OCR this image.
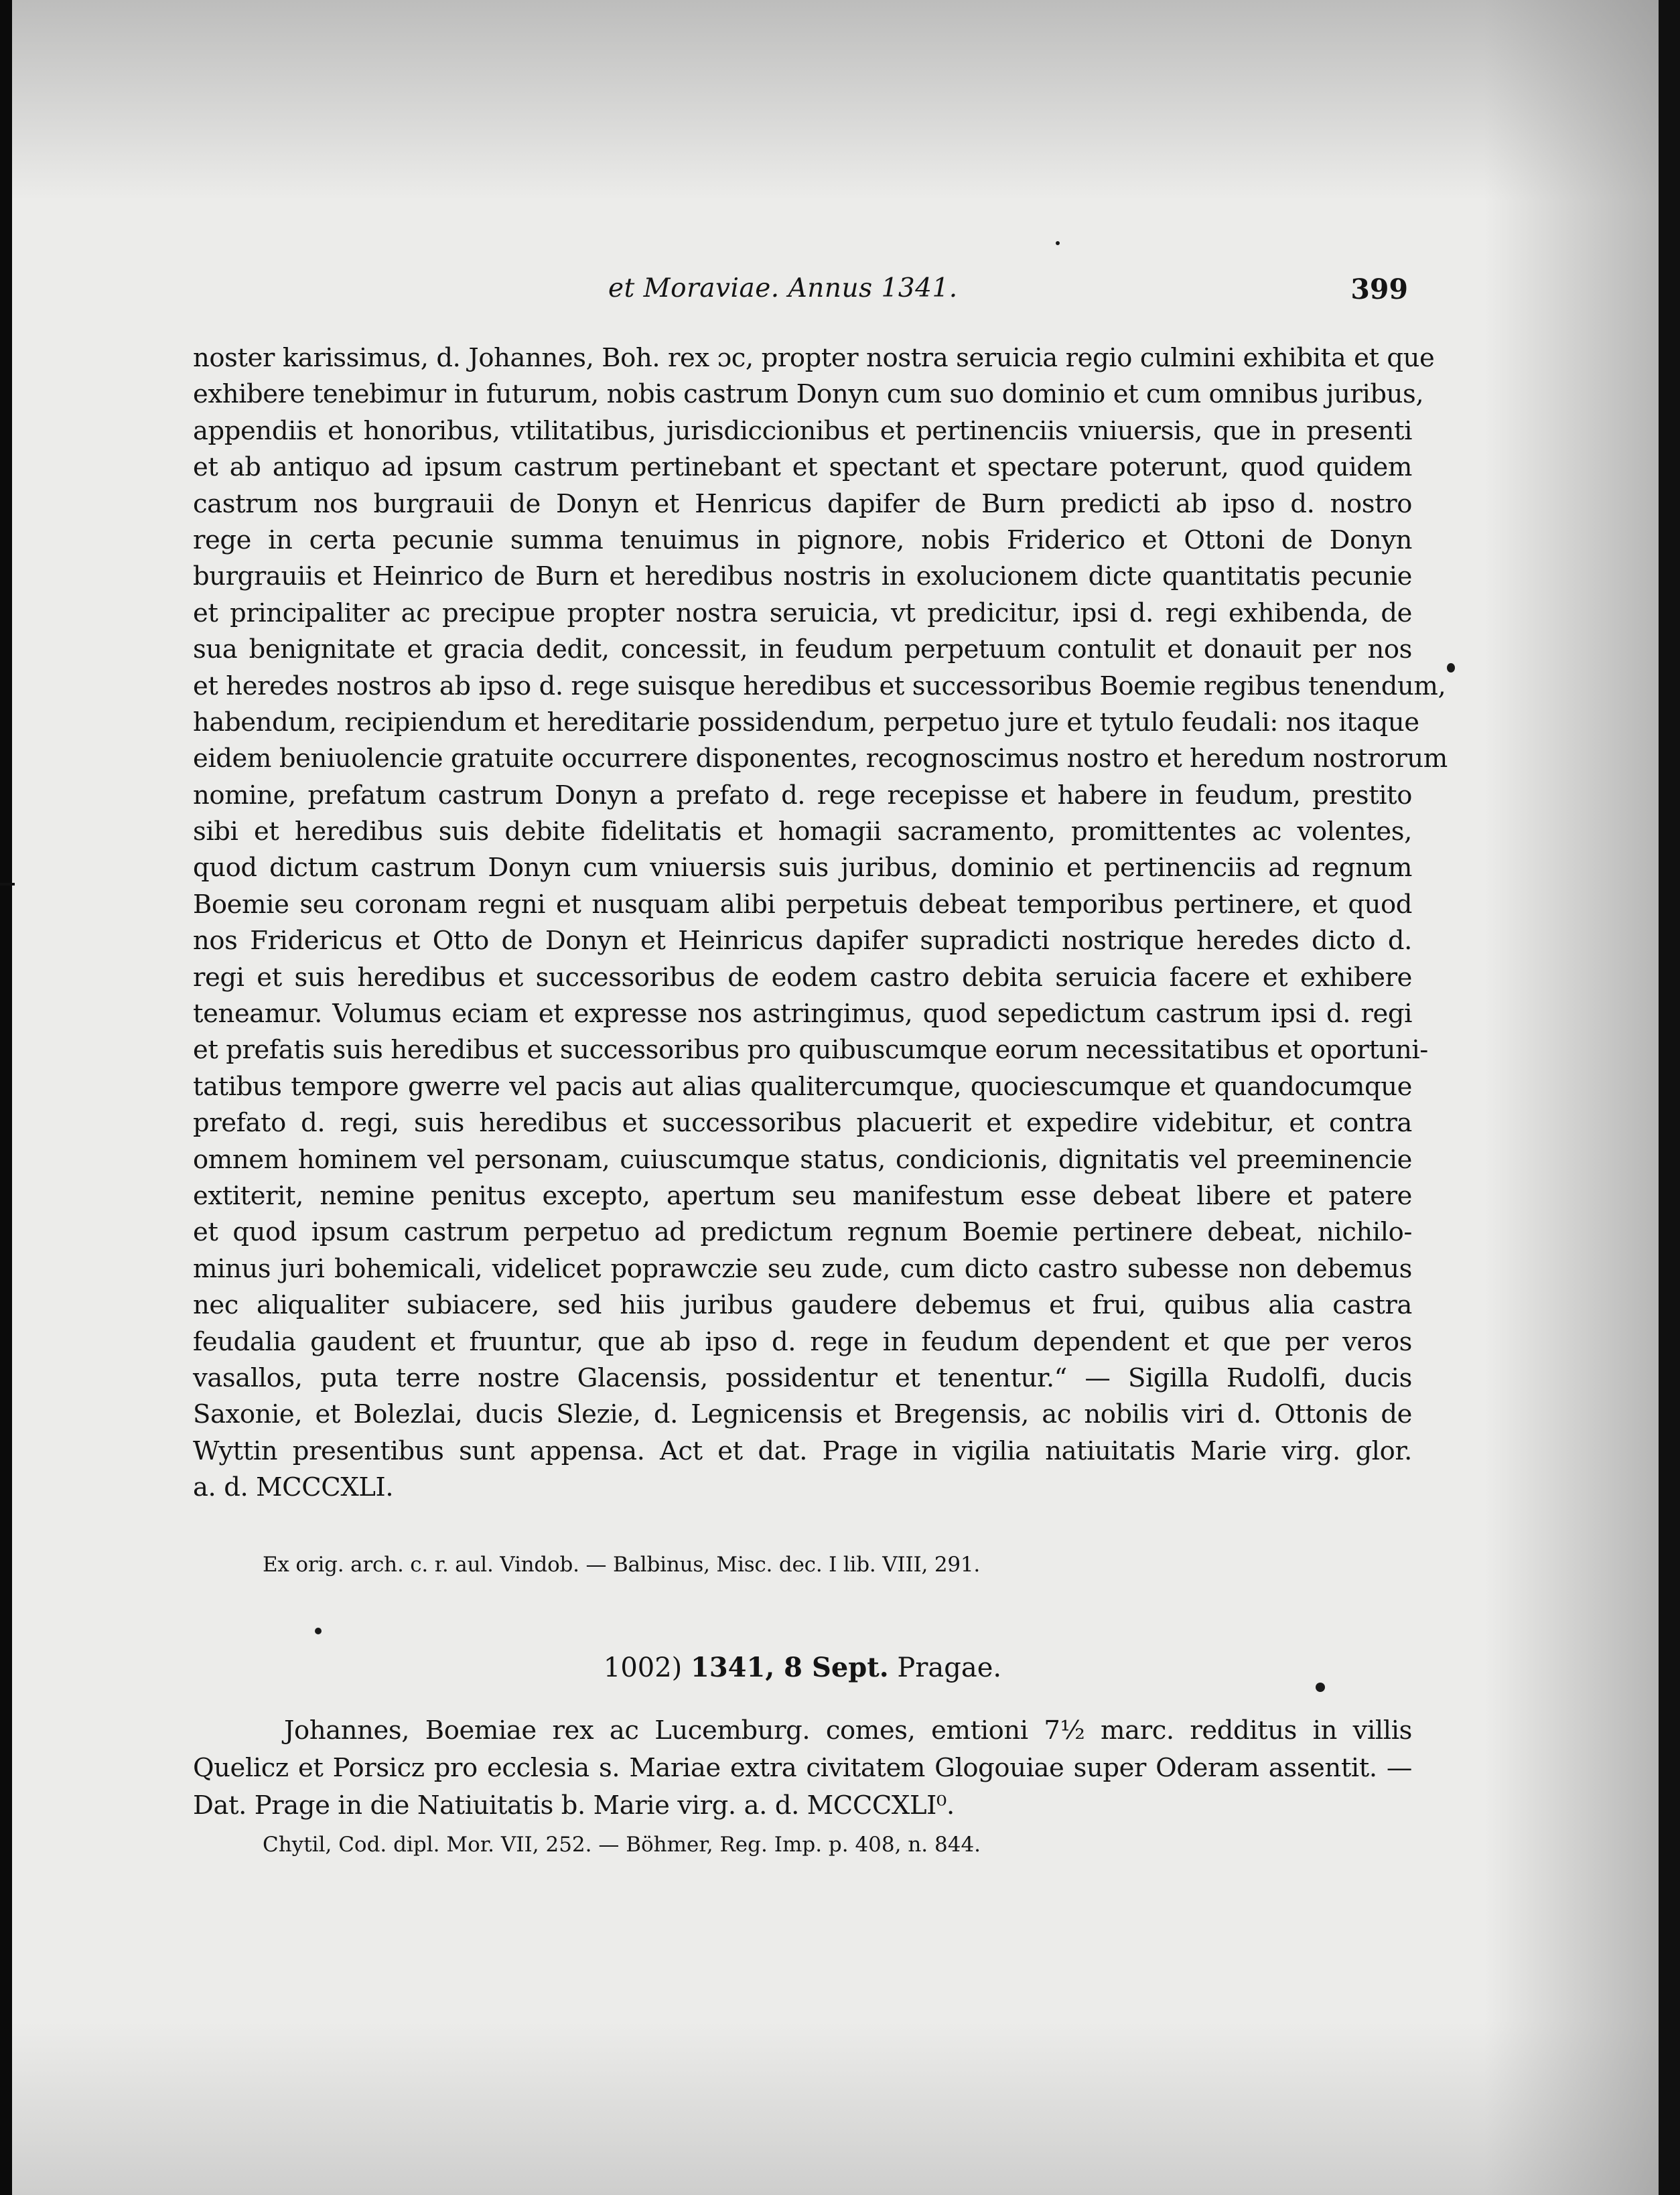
et Moraviae. Annus 1341.	399
noster karissimus, d. Johannes, Boh. rex ɔc, propter nostra seruicia regio culmini exhibita et que
exhibere tenebimur in futurum, nobis castrum Donyn cum suo dominio et cum omnibus juribus,
appendiis et honoribus, vtilitatibus, jurisdiccionibus et pertinenciis vniuersis, que in presenti
et ab antiquo ad ipsum castrum pertinebant et spectant et spectare poterunt, quod quidem
castrum nos burgrauii de Donyn et Henricus dapifer de Burn predicti ab ipso d. nostro
rege in certa pecunie summa tenuimus in pignore, nobis Friderico et Ottoni de Donyn
burgrauiis et Heinrico de Burn et heredibus nostris in exolucionem dicte quantitatis pecunie
et principaliter ac precipue propter nostra seruicia, vt predicitur, ipsi d. regi exhibenda, de
sua benignitate et gracia dedit, concessit, in feudum perpetuum contulit et donauit per nos
et heredes nostros ab ipso d. rege suisque heredibus et successoribus Boemie regibus tenendum,
habendum, recipiendum et hereditarie possidendum, perpetuo jure et tytulo feudali: nos itaque
eidem beniuolencie gratuite occurrere disponentes, recognoscimus nostro et heredum nostrorum
nomine, prefatum castrum Donyn a prefato d. rege recepisse et habere in feudum, prestito
sibi et heredibus suis debite fidelitatis et homagii sacramento, promittentes ac volentes,
quod dictum castrum Donyn cum vniuersis suis juribus, dominio et pertinenciis ad regnum
Boemie seu coronam regni et nusquam alibi perpetuis debeat temporibus pertinere, et quod
nos Fridericus et Otto de Donyn et Heinricus dapifer supradicti nostrique heredes dicto d.
regi et suis heredibus et successoribus de eodem castro debita seruicia facere et exhibere
teneamur. Volumus eciam et expresse nos astringimus, quod sepedictum castrum ipsi d. regi
et prefatis suis heredibus et successoribus pro quibuscumque eorum necessitatibus et oportuni-
tatibus tempore gwerre vel pacis aut alias qualitercumque, quociescumque et quandocumque
prefato d. regi, suis heredibus et successoribus placuerit et expedire videbitur, et contra
omnem hominem vel personam, cuiuscumque status, condicionis, dignitatis vel preeminencie
extiterit, nemine penitus excepto, apertum seu manifestum esse debeat libere et patere
et quod ipsum castrum perpetuo ad predictum regnum Boemie pertinere debeat, nichilo-
minus juri bohemicali, videlicet poprawczie seu zude, cum dicto castro subesse non debemus
nec aliqualiter subiacere, sed hiis juribus gaudere debemus et frui, quibus alia castra
feudalia gaudent et fruuntur, que ab ipso d. rege in feudum dependent et que per veros
vasallos, puta terre nostre Glacensis, possidentur et tenentur.“ — Sigilla Rudolfi, ducis
Saxonie, et Bolezlai, ducis Slezie, d. Legnicensis et Bregensis, ac nobilis viri d. Ottonis de
Wyttin presentibus sunt appensa. Act et dat. Prage in vigilia natiuitatis Marie virg. glor.
a. d. MCCCXLI.
Ex orig. arch. c. r. aul. Vindob. — Balbinus, Misc. dec. I lib. VIII, 291.
1002) 1341, 8 Sept. Pragae.
Johannes, Boemiae rex ac Lucemburg. comes, emtioni 7½ marc. redditus in villis
Quelicz et Porsicz pro ecclesia s. Mariae extra civitatem Glogouiae super Oderam assentit. —
Dat. Prage in die Natiuitatis b. Marie virg. a. d. MCCCXLI⁰.
Chytil, Cod. dipl. Mor. VII, 252. — Böhmer, Reg. Imp. p. 408, n. 844.
